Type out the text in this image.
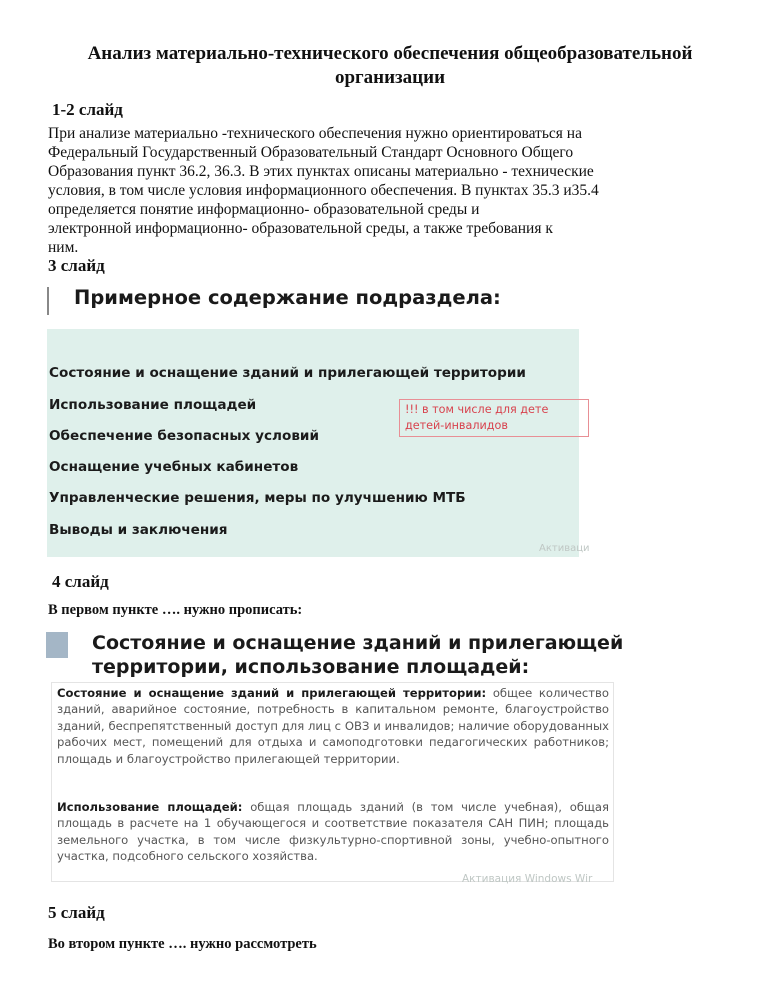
Анализ материально-технического обеспечения общеобразовательной
организации
1-2 слайд
При анализе материально -технического обеспечения нужно ориентироваться на
Федеральный Государственный Образовательный Стандарт Основного Общего
Образования пункт 36.2, 36.3. В этих пунктах описаны материально - технические
условия, в том числе условия информационного обеспечения. В пунктах 35.3 и35.4
определяется понятие информационно- образовательной среды и
электронной информационно- образовательной среды, а также требования к
ним.
3 слайд
Примерное содержание подраздела:
Состояние и оснащение зданий и прилегающей территории
Использование площадей
Обеспечение безопасных условий
Оснащение учебных кабинетов
Управленческие решения, меры по улучшению МТБ
Выводы и заключения
!!! в том числе для дете
детей-инвалидов
Активаци
4 слайд
В первом пункте …. нужно прописать:
Состояние и оснащение зданий и прилегающей
территории, использование площадей:
Состояние и оснащение зданий и прилегающей территории: общее количество зданий, аварийное состояние, потребность в капитальном ремонте, благоустройство зданий, беспрепятственный доступ для лиц с ОВЗ и инвалидов; наличие оборудованных рабочих мест, помещений для отдыха и самоподготовки педагогических работников; площадь и благоустройство прилегающей территории.
Использование площадей: общая площадь зданий (в том числе учебная), общая площадь в расчете на 1 обучающегося и соответствие показателя САН ПИН; площадь земельного участка, в том числе физкультурно-спортивной зоны, учебно-опытного участка, подсобного сельского хозяйства.
Активация Windows Wir
5 слайд
Во втором пункте …. нужно рассмотреть
